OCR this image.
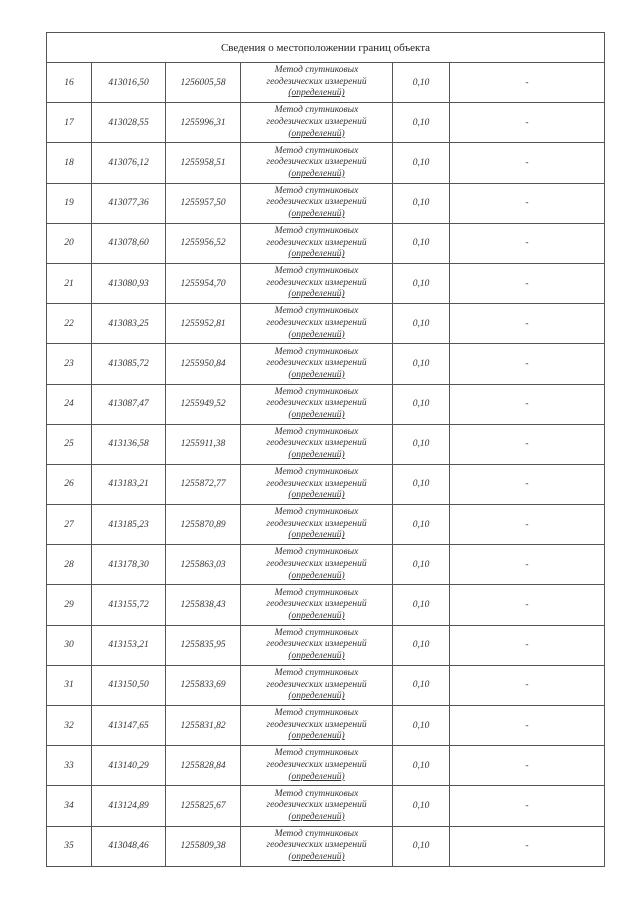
Сведения о местоположении границ объекта					
16	413016,50	1256005,58	Метод спутниковых
геодезических измерений
(определений)	0,10	-
17	413028,55	1255996,31	Метод спутниковых
геодезических измерений
(определений)	0,10	-
18	413076,12	1255958,51	Метод спутниковых
геодезических измерений
(определений)	0,10	-
19	413077,36	1255957,50	Метод спутниковых
геодезических измерений
(определений)	0,10	-
20	413078,60	1255956,52	Метод спутниковых
геодезических измерений
(определений)	0,10	-
21	413080,93	1255954,70	Метод спутниковых
геодезических измерений
(определений)	0,10	-
22	413083,25	1255952,81	Метод спутниковых
геодезических измерений
(определений)	0,10	-
23	413085,72	1255950,84	Метод спутниковых
геодезических измерений
(определений)	0,10	-
24	413087,47	1255949,52	Метод спутниковых
геодезических измерений
(определений)	0,10	-
25	413136,58	1255911,38	Метод спутниковых
геодезических измерений
(определений)	0,10	-
26	413183,21	1255872,77	Метод спутниковых
геодезических измерений
(определений)	0,10	-
27	413185,23	1255870,89	Метод спутниковых
геодезических измерений
(определений)	0,10	-
28	413178,30	1255863,03	Метод спутниковых
геодезических измерений
(определений)	0,10	-
29	413155,72	1255838,43	Метод спутниковых
геодезических измерений
(определений)	0,10	-
30	413153,21	1255835,95	Метод спутниковых
геодезических измерений
(определений)	0,10	-
31	413150,50	1255833,69	Метод спутниковых
геодезических измерений
(определений)	0,10	-
32	413147,65	1255831,82	Метод спутниковых
геодезических измерений
(определений)	0,10	-
33	413140,29	1255828,84	Метод спутниковых
геодезических измерений
(определений)	0,10	-
34	413124,89	1255825,67	Метод спутниковых
геодезических измерений
(определений)	0,10	-
35	413048,46	1255809,38	Метод спутниковых
геодезических измерений
(определений)	0,10	-
